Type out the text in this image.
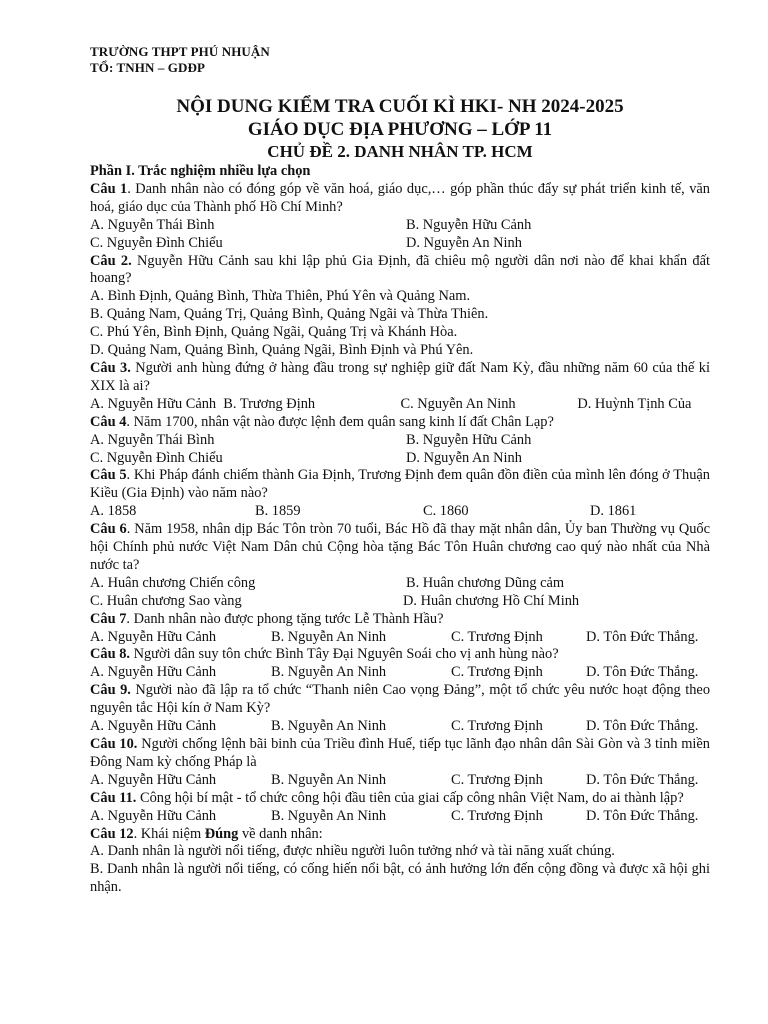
TRƯỜNG THPT PHÚ NHUẬN
TỔ: TNHN – GDĐP
NỘI DUNG KIỂM TRA CUỐI KÌ HKI- NH 2024-2025
GIÁO DỤC ĐỊA PHƯƠNG – LỚP 11
CHỦ ĐỀ 2. DANH NHÂN TP. HCM
Phần I. Trắc nghiệm nhiều lựa chọn
Câu 1. Danh nhân nào có đóng góp về văn hoá, giáo dục,… góp phần thúc đẩy sự phát triển kinh tế, văn hoá, giáo dục của Thành phố Hồ Chí Minh?
A. Nguyễn Thái Bình	B. Nguyễn Hữu Cảnh
C. Nguyễn Đình Chiểu	D. Nguyễn An Ninh
Câu 2. Nguyễn Hữu Cảnh sau khi lập phủ Gia Định, đã chiêu mộ người dân nơi nào để khai khẩn đất hoang?
A. Bình Định, Quảng Bình, Thừa Thiên, Phú Yên và Quảng Nam.
B. Quảng Nam, Quảng Trị, Quảng Bình, Quảng Ngãi và Thừa Thiên.
C. Phú Yên, Bình Định, Quảng Ngãi, Quảng Trị và Khánh Hòa.
D. Quảng Nam, Quảng Bình, Quảng Ngãi, Bình Định và Phú Yên.
Câu 3. Người anh hùng đứng ở hàng đầu trong sự nghiệp giữ đất Nam Kỳ, đầu những năm 60 của thế kỉ XIX là ai?
A. Nguyễn Hữu Cảnh  B. Trương Định	C. Nguyễn An Ninh	D. Huỳnh Tịnh Của
Câu 4. Năm 1700, nhân vật nào được lệnh đem quân sang kinh lí đất Chân Lạp?
A. Nguyễn Thái Bình	B. Nguyễn Hữu Cảnh
C. Nguyễn Đình Chiểu	D. Nguyễn An Ninh
Câu 5. Khi Pháp đánh chiếm thành Gia Định, Trương Định đem quân đồn điền của mình lên đóng ở Thuận Kiều (Gia Định) vào năm nào?
A. 1858	B. 1859	C. 1860	D. 1861
Câu 6. Năm 1958, nhân dịp Bác Tôn tròn 70 tuổi, Bác Hồ đã thay mặt nhân dân, Ủy ban Thường vụ Quốc hội Chính phủ nước Việt Nam Dân chủ Cộng hòa tặng Bác Tôn Huân chương cao quý nào nhất của Nhà nước ta?
A. Huân chương Chiến công	B. Huân chương Dũng cảm
C. Huân chương Sao vàng	D. Huân chương Hồ Chí Minh
Câu 7. Danh nhân nào được phong tặng tước Lễ Thành Hầu?
A. Nguyễn Hữu Cảnh	B. Nguyễn An Ninh	C. Trương Định	D. Tôn Đức Thắng.
Câu 8. Người dân suy tôn chức Bình Tây Đại Nguyên Soái cho vị anh hùng nào?
A. Nguyễn Hữu Cảnh	B. Nguyễn An Ninh	C. Trương Định	D. Tôn Đức Thắng.
Câu 9. Người nào đã lập ra tổ chức “Thanh niên Cao vọng Đảng”, một tổ chức yêu nước hoạt động theo nguyên tắc Hội kín ở Nam Kỳ?
A. Nguyễn Hữu Cảnh	B. Nguyễn An Ninh	C. Trương Định	D. Tôn Đức Thắng.
Câu 10. Người chống lệnh bãi binh của Triều đình Huế, tiếp tục lãnh đạo nhân dân Sài Gòn và 3 tỉnh miền Đông Nam kỳ chống Pháp là
A. Nguyễn Hữu Cảnh	B. Nguyễn An Ninh	C. Trương Định	D. Tôn Đức Thắng.
Câu 11. Công hội bí mật - tổ chức công hội đầu tiên của giai cấp công nhân Việt Nam, do ai thành lập?
A. Nguyễn Hữu Cảnh	B. Nguyễn An Ninh	C. Trương Định	D. Tôn Đức Thắng.
Câu 12. Khái niệm Đúng về danh nhân:
A. Danh nhân là người nổi tiếng, được nhiều người luôn tưởng nhớ và tài năng xuất chúng.
B. Danh nhân là người nổi tiếng, có cống hiến nổi bật, có ảnh hưởng lớn đến cộng đồng và được xã hội ghi nhận.
